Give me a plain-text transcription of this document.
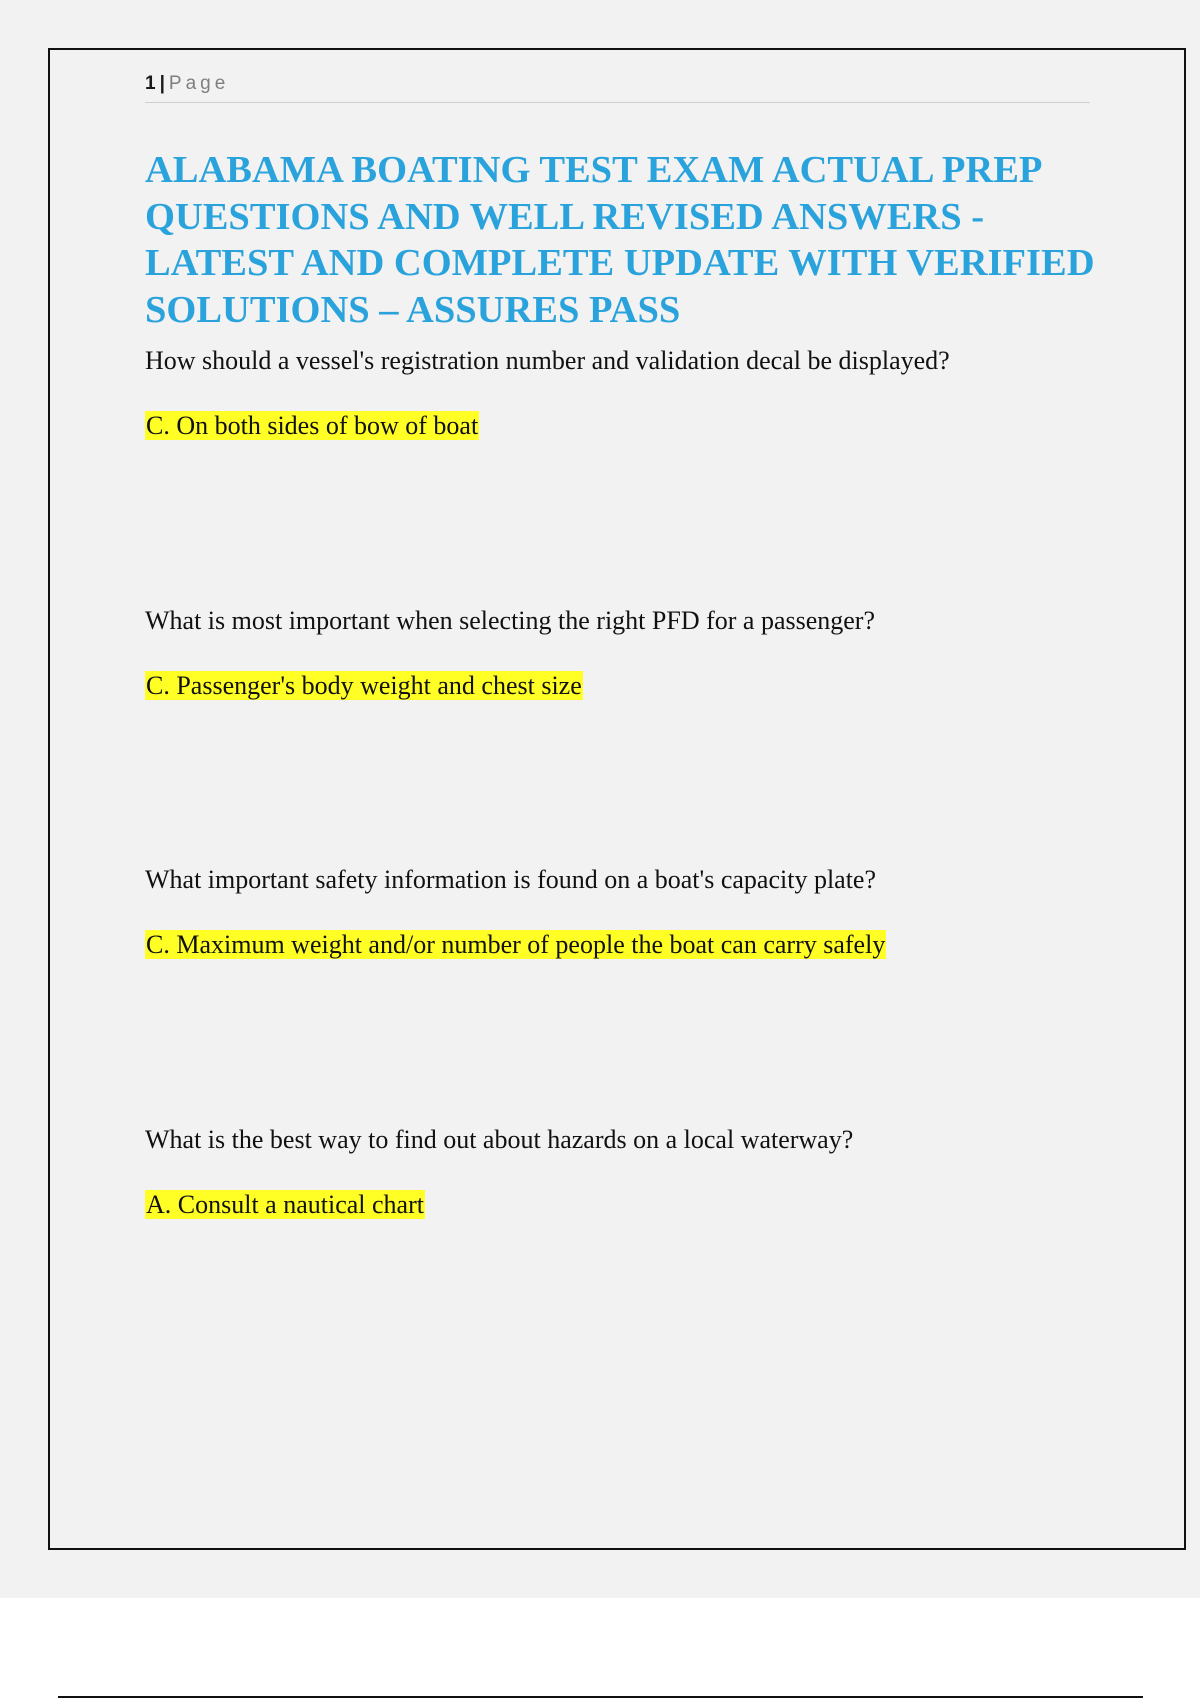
1 | Page
ALABAMA BOATING TEST EXAM ACTUAL PREP QUESTIONS AND WELL REVISED ANSWERS - LATEST AND COMPLETE UPDATE WITH VERIFIED SOLUTIONS – ASSURES PASS

How should a vessel's registration number and validation decal be displayed?

C. On both sides of bow of boat

What is most important when selecting the right PFD for a passenger?

C. Passenger's body weight and chest size

What important safety information is found on a boat's capacity plate?

C. Maximum weight and/or number of people the boat can carry safely

What is the best way to find out about hazards on a local waterway?

A. Consult a nautical chart
